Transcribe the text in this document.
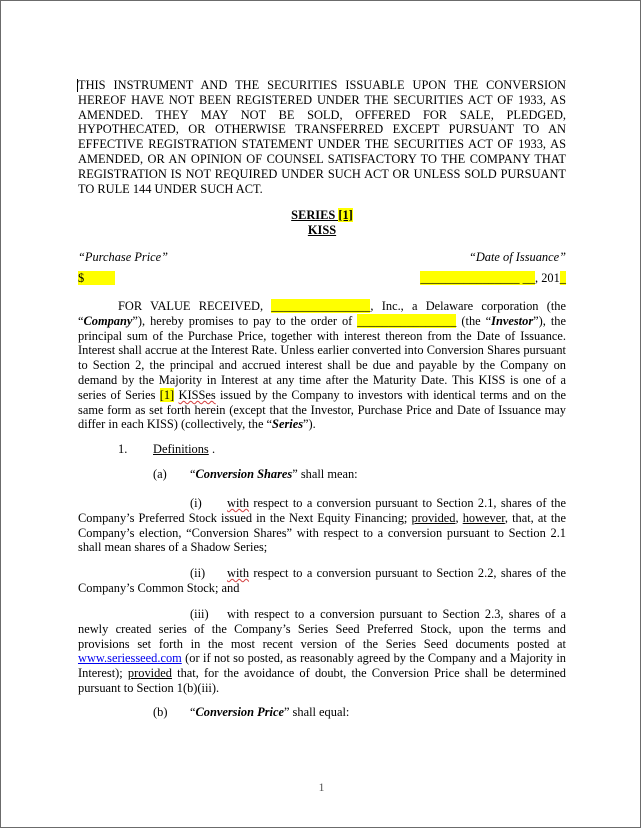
THIS INSTRUMENT AND THE SECURITIES ISSUABLE UPON THE CONVERSION HEREOF HAVE NOT BEEN REGISTERED UNDER THE SECURITIES ACT OF 1933, AS AMENDED. THEY MAY NOT BE SOLD, OFFERED FOR SALE, PLEDGED, HYPOTHECATED, OR OTHERWISE TRANSFERRED EXCEPT PURSUANT TO AN EFFECTIVE REGISTRATION STATEMENT UNDER THE SECURITIES ACT OF 1933, AS AMENDED, OR AN OPINION OF COUNSEL SATISFACTORY TO THE COMPANY THAT REGISTRATION IS NOT REQUIRED UNDER SUCH ACT OR UNLESS SOLD PURSUANT TO RULE 144 UNDER SUCH ACT.
SERIES [1]
KISS
“Purchase Price”	“Date of Issuance”
$	________________ __, 201_
FOR VALUE RECEIVED, ________________, Inc., a Delaware corporation (the “Company”), hereby promises to pay to the order of ________________ (the “Investor”), the principal sum of the Purchase Price, together with interest thereon from the Date of Issuance. Interest shall accrue at the Interest Rate. Unless earlier converted into Conversion Shares pursuant to Section 2, the principal and accrued interest shall be due and payable by the Company on demand by the Majority in Interest at any time after the Maturity Date. This KISS is one of a series of Series [1] KISSes issued by the Company to investors with identical terms and on the same form as set forth herein (except that the Investor, Purchase Price and Date of Issuance may differ in each KISS) (collectively, the “Series”).
1. Definitions .
(a) “Conversion Shares” shall mean:
(i) with respect to a conversion pursuant to Section 2.1, shares of the Company’s Preferred Stock issued in the Next Equity Financing; provided, however, that, at the Company’s election, “Conversion Shares” with respect to a conversion pursuant to Section 2.1 shall mean shares of a Shadow Series;
(ii) with respect to a conversion pursuant to Section 2.2, shares of the Company’s Common Stock; and
(iii) with respect to a conversion pursuant to Section 2.3, shares of a newly created series of the Company’s Series Seed Preferred Stock, upon the terms and provisions set forth in the most recent version of the Series Seed documents posted at www.seriesseed.com (or if not so posted, as reasonably agreed by the Company and a Majority in Interest); provided that, for the avoidance of doubt, the Conversion Price shall be determined pursuant to Section 1(b)(iii).
(b) “Conversion Price” shall equal:
1
